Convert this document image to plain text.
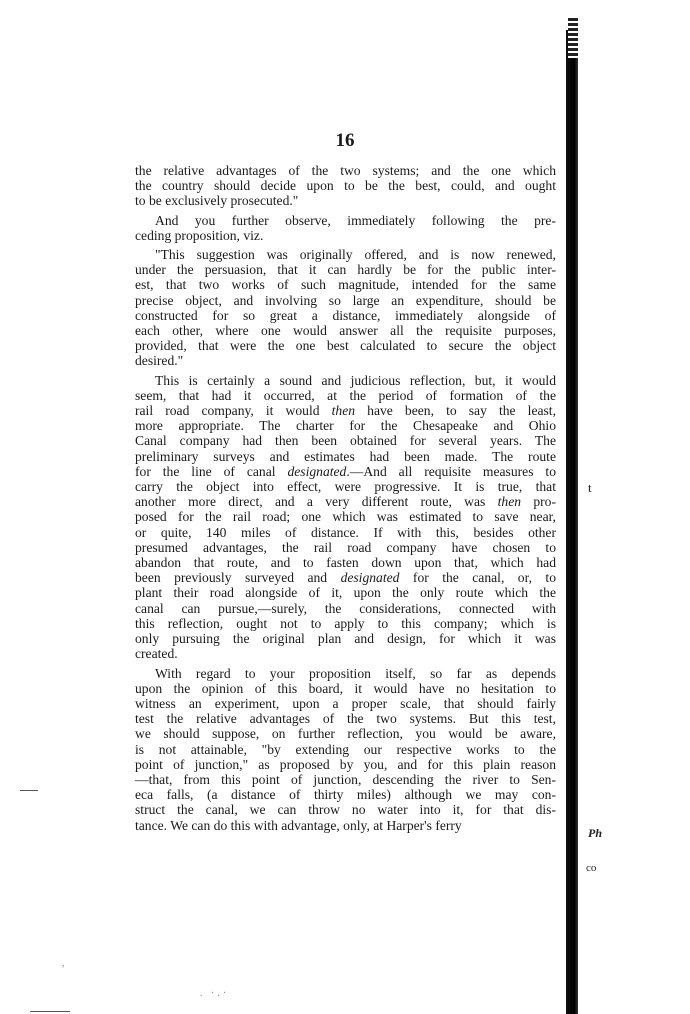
16

the relative advantages of the two systems; and the one which
the country should decide upon to be the best, could, and ought
to be exclusively prosecuted."

And you further observe, immediately following the pre-
ceding proposition, viz.

"This suggestion was originally offered, and is now renewed,
under the persuasion, that it can hardly be for the public inter-
est, that two works of such magnitude, intended for the same
precise object, and involving so large an expenditure, should be
constructed for so great a distance, immediately alongside of
each other, where one would answer all the requisite purposes,
provided, that were the one best calculated to secure the object
desired."

This is certainly a sound and judicious reflection, but, it would
seem, that had it occurred, at the period of formation of the
rail road company, it would then have been, to say the least,
more appropriate. The charter for the Chesapeake and Ohio
Canal company had then been obtained for several years. The
preliminary surveys and estimates had been made. The route
for the line of canal designated.—And all requisite measures to
carry the object into effect, were progressive. It is true, that
another more direct, and a very different route, was then pro-
posed for the rail road; one which was estimated to save near,
or quite, 140 miles of distance. If with this, besides other
presumed advantages, the rail road company have chosen to
abandon that route, and to fasten down upon that, which had
been previously surveyed and designated for the canal, or, to
plant their road alongside of it, upon the only route which the
canal can pursue,—surely, the considerations, connected with
this reflection, ought not to apply to this company; which is
only pursuing the original plan and design, for which it was
created.

With regard to your proposition itself, so far as depends
upon the opinion of this board, it would have no hesitation to
witness an experiment, upon a proper scale, that should fairly
test the relative advantages of the two systems. But this test,
we should suppose, on further reflection, you would be aware,
is not attainable, "by extending our respective works to the
point of junction," as proposed by you, and for this plain reason
—that, from this point of junction, descending the river to Sen-
eca falls, (a distance of thirty miles) although we may con-
struct the canal, we can throw no water into it, for that dis-
tance. We can do this with advantage, only, at Harper's ferry

t
Ph
co
,
. ·.·
